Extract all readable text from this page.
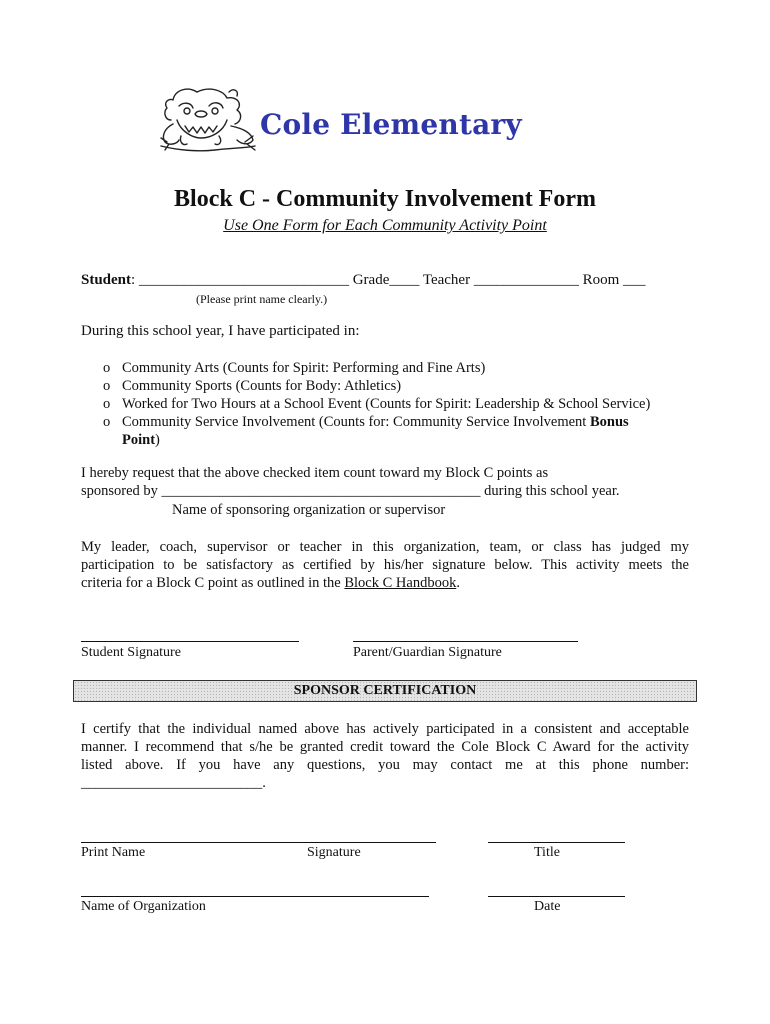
Cole Elementary
Block C - Community Involvement Form
Use One Form for Each Community Activity Point
Student: ____________________________ Grade____ Teacher ______________ Room ___
(Please print name clearly.)
During this school year, I have participated in:
o Community Arts (Counts for Spirit: Performing and Fine Arts)
o Community Sports (Counts for Body: Athletics)
o Worked for Two Hours at a School Event (Counts for Spirit: Leadership & School Service)
o Community Service Involvement (Counts for: Community Service Involvement Bonus
Point)
I hereby request that the above checked item count toward my Block C points as
sponsored by ____________________________________________ during this school year.
Name of sponsoring organization or supervisor
My leader, coach, supervisor or teacher in this organization, team, or class has judged my
participation to be satisfactory as certified by his/her signature below. This activity meets the
criteria for a Block C point as outlined in the Block C Handbook.
Student Signature	Parent/Guardian Signature
SPONSOR CERTIFICATION
I certify that the individual named above has actively participated in a consistent and acceptable
manner. I recommend that s/he be granted credit toward the Cole Block C Award for the activity
listed above. If you have any questions, you may contact me at this phone number:
_________________________.
Print Name	Signature	Title
Name of Organization	Date
